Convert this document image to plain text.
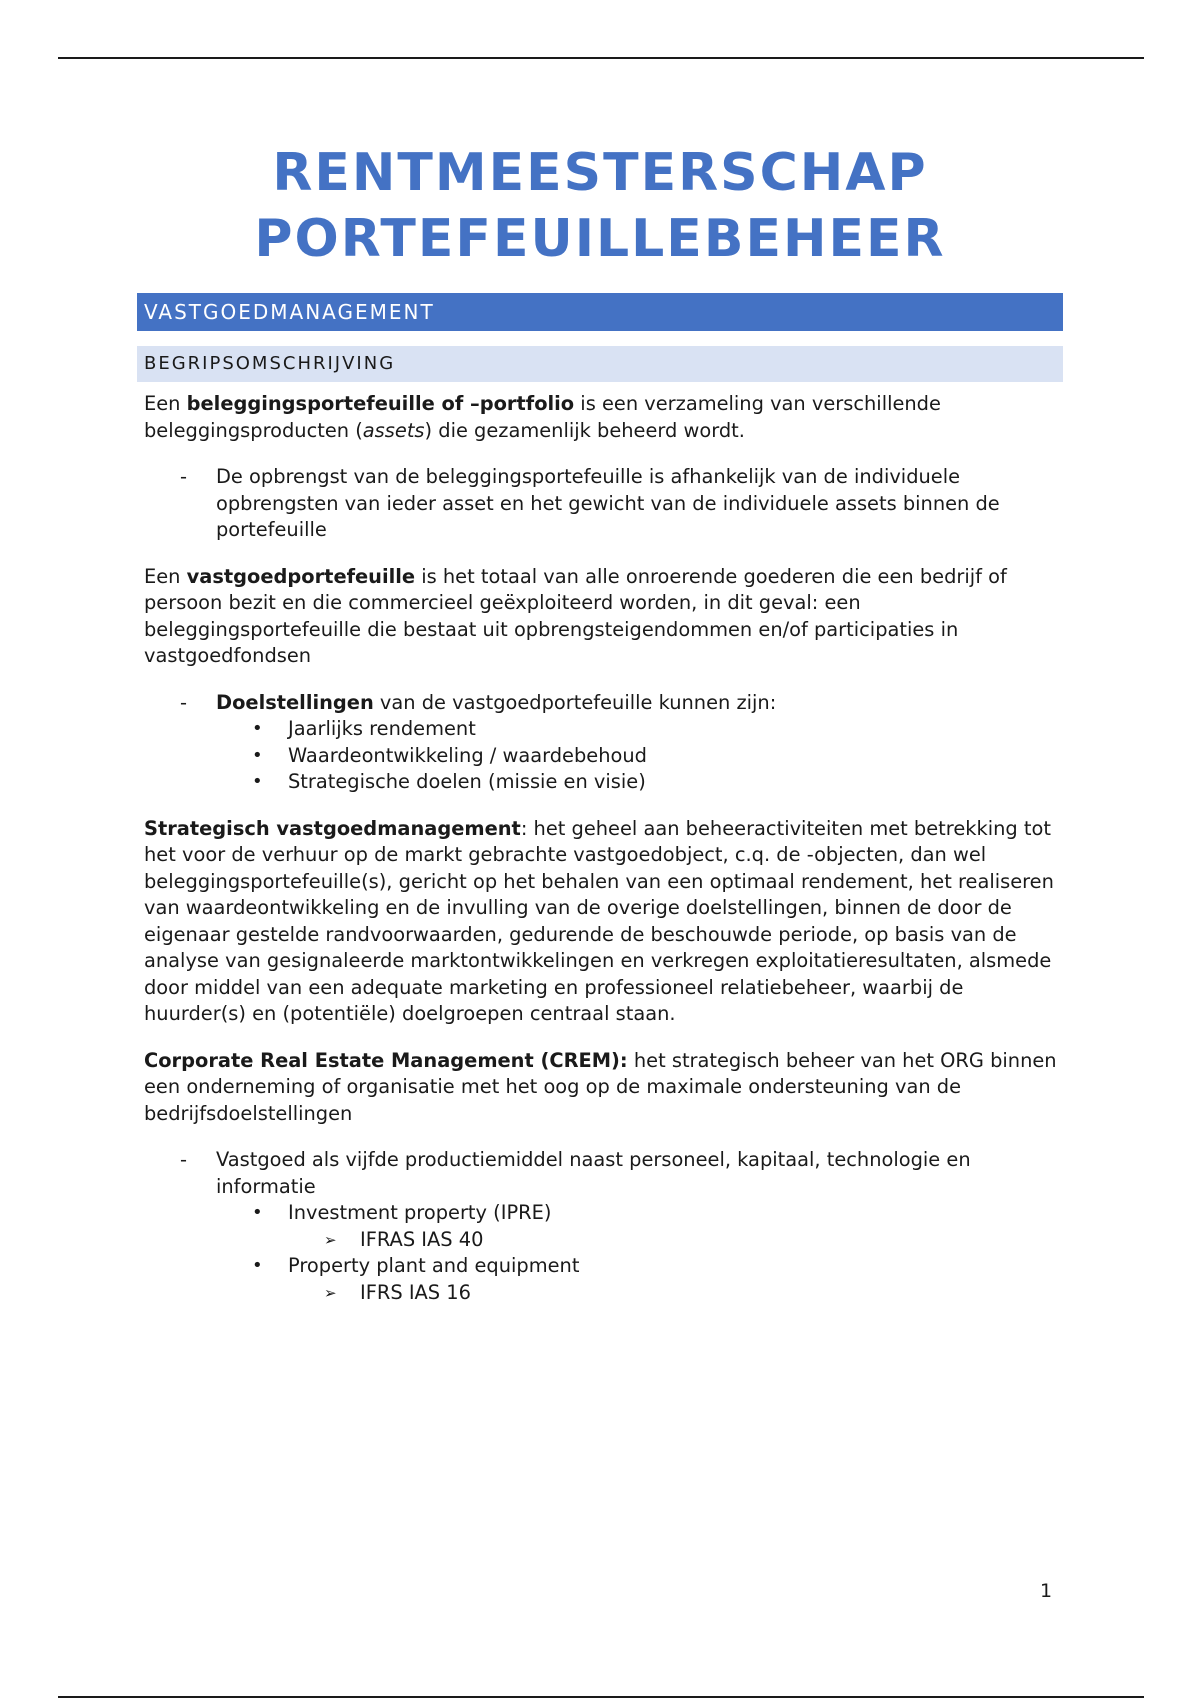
RENTMEESTERSCHAP
PORTEFEUILLEBEHEER
VASTGOEDMANAGEMENT
BEGRIPSOMSCHRIJVING

Een beleggingsportefeuille of –portfolio is een verzameling van verschillende beleggingsproducten (assets) die gezamenlijk beheerd wordt.

- De opbrengst van de beleggingsportefeuille is afhankelijk van de individuele opbrengsten van ieder asset en het gewicht van de individuele assets binnen de portefeuille

Een vastgoedportefeuille is het totaal van alle onroerende goederen die een bedrijf of persoon bezit en die commercieel geëxploiteerd worden, in dit geval: een beleggingsportefeuille die bestaat uit opbrengsteigendommen en/of participaties in vastgoedfondsen

- Doelstellingen van de vastgoedportefeuille kunnen zijn:
• Jaarlijks rendement
• Waardeontwikkeling / waardebehoud
• Strategische doelen (missie en visie)

Strategisch vastgoedmanagement: het geheel aan beheeractiviteiten met betrekking tot het voor de verhuur op de markt gebrachte vastgoedobject, c.q. de -objecten, dan wel beleggingsportefeuille(s), gericht op het behalen van een optimaal rendement, het realiseren van waardeontwikkeling en de invulling van de overige doelstellingen, binnen de door de eigenaar gestelde randvoorwaarden, gedurende de beschouwde periode, op basis van de analyse van gesignaleerde marktontwikkelingen en verkregen exploitatieresultaten, alsmede door middel van een adequate marketing en professioneel relatiebeheer, waarbij de huurder(s) en (potentiële) doelgroepen centraal staan.

Corporate Real Estate Management (CREM): het strategisch beheer van het ORG binnen een onderneming of organisatie met het oog op de maximale ondersteuning van de bedrijfsdoelstellingen

- Vastgoed als vijfde productiemiddel naast personeel, kapitaal, technologie en informatie
• Investment property (IPRE)
➢ IFRAS IAS 40
• Property plant and equipment
➢ IFRS IAS 16
1
